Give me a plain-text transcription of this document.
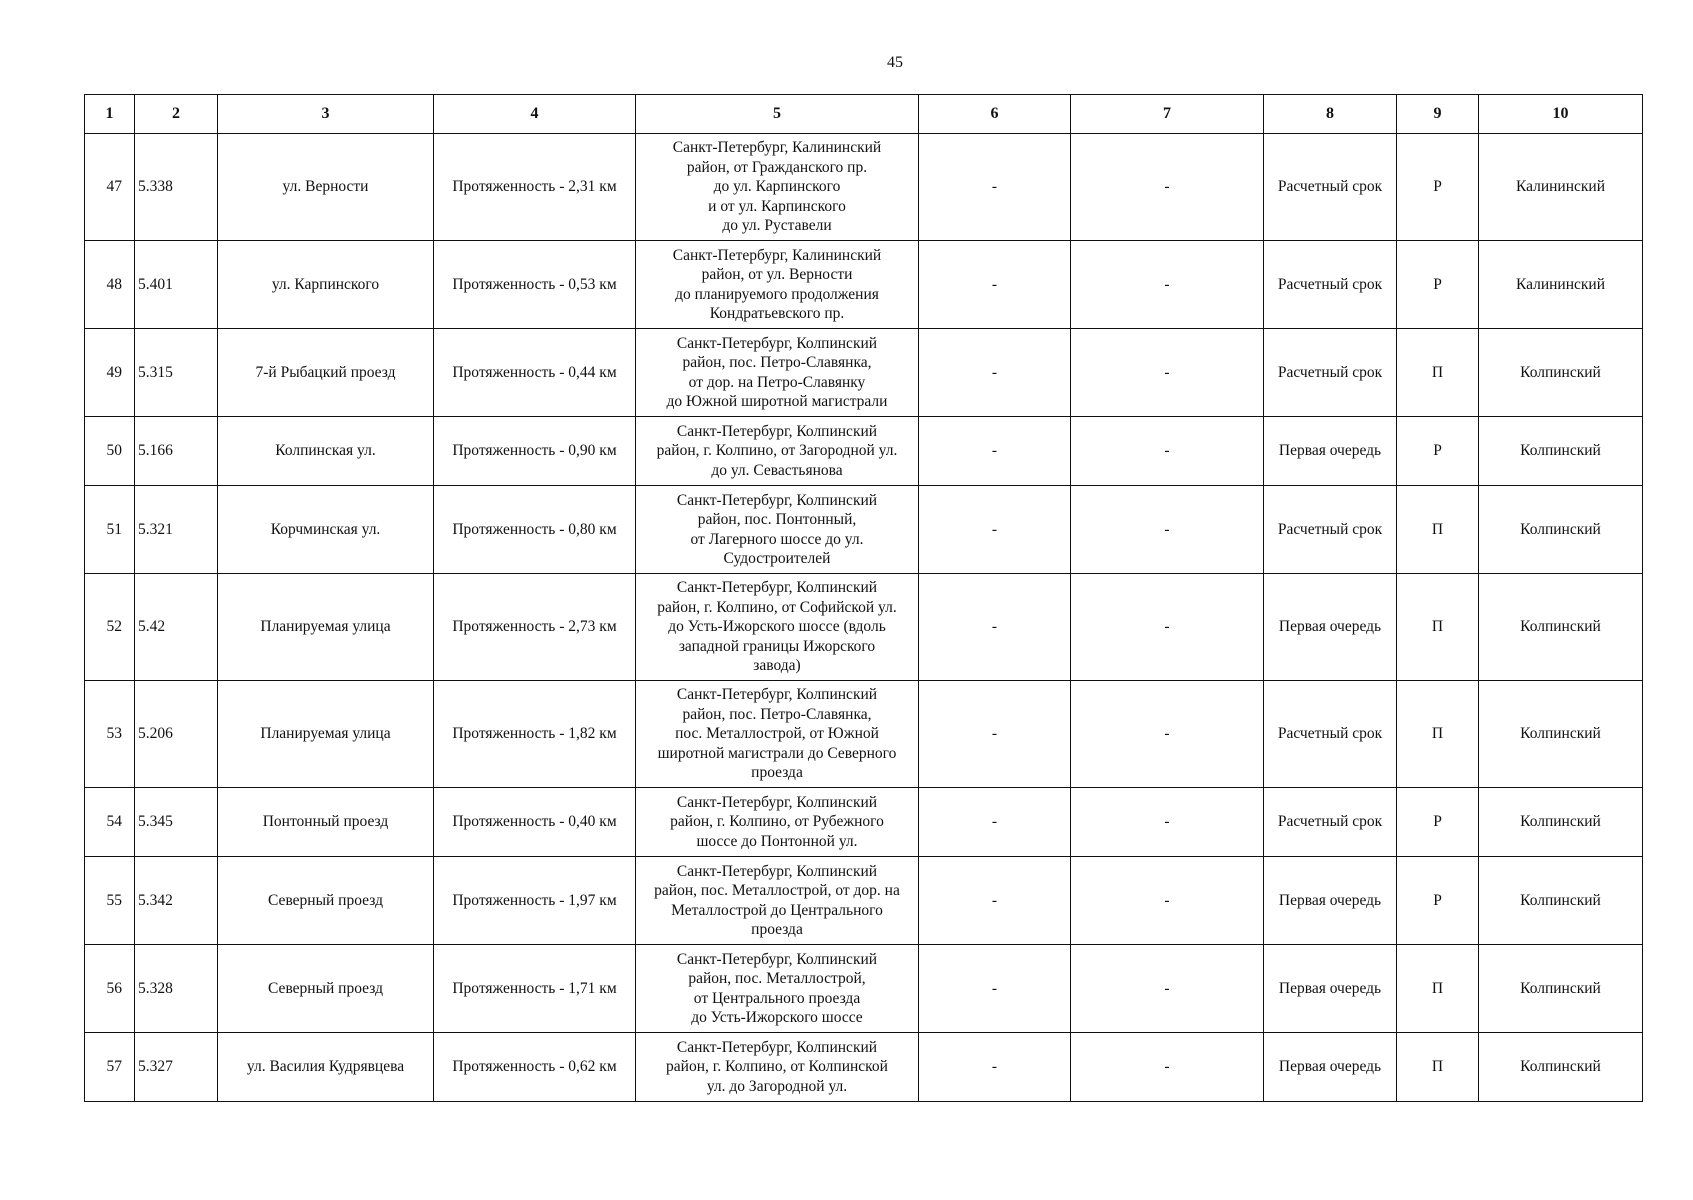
45
1	2	3	4	5	6	7	8	9	10
47	5.338	ул. Верности	Протяженность - 2,31 км	Санкт-Петербург, Калининский
район, от Гражданского пр.
до ул. Карпинского
и от ул. Карпинского
до ул. Руставели	-	-	Расчетный срок	Р	Калининский
48	5.401	ул. Карпинского	Протяженность - 0,53 км	Санкт-Петербург, Калининский
район, от ул. Верности
до планируемого продолжения
Кондратьевского пр.	-	-	Расчетный срок	Р	Калининский
49	5.315	7-й Рыбацкий проезд	Протяженность - 0,44 км	Санкт-Петербург, Колпинский
район, пос. Петро-Славянка,
от дор. на Петро-Славянку
до Южной широтной магистрали	-	-	Расчетный срок	П	Колпинский
50	5.166	Колпинская ул.	Протяженность - 0,90 км	Санкт-Петербург, Колпинский
район, г. Колпино, от Загородной ул.
до ул. Севастьянова	-	-	Первая очередь	Р	Колпинский
51	5.321	Корчминская ул.	Протяженность - 0,80 км	Санкт-Петербург, Колпинский
район, пос. Понтонный,
от Лагерного шоссе до ул.
Судостроителей	-	-	Расчетный срок	П	Колпинский
52	5.42	Планируемая улица	Протяженность - 2,73 км	Санкт-Петербург, Колпинский
район, г. Колпино, от Софийской ул.
до Усть-Ижорского шоссе (вдоль
западной границы Ижорского
завода)	-	-	Первая очередь	П	Колпинский
53	5.206	Планируемая улица	Протяженность - 1,82 км	Санкт-Петербург, Колпинский
район, пос. Петро-Славянка,
пос. Металлострой, от Южной
широтной магистрали до Северного
проезда	-	-	Расчетный срок	П	Колпинский
54	5.345	Понтонный проезд	Протяженность - 0,40 км	Санкт-Петербург, Колпинский
район, г. Колпино, от Рубежного
шоссе до Понтонной ул.	-	-	Расчетный срок	Р	Колпинский
55	5.342	Северный проезд	Протяженность - 1,97 км	Санкт-Петербург, Колпинский
район, пос. Металлострой, от дор. на
Металлострой до Центрального
проезда	-	-	Первая очередь	Р	Колпинский
56	5.328	Северный проезд	Протяженность - 1,71 км	Санкт-Петербург, Колпинский
район, пос. Металлострой,
от Центрального проезда
до Усть-Ижорского шоссе	-	-	Первая очередь	П	Колпинский
57	5.327	ул. Василия Кудрявцева	Протяженность - 0,62 км	Санкт-Петербург, Колпинский
район, г. Колпино, от Колпинской
ул. до Загородной ул.	-	-	Первая очередь	П	Колпинский
